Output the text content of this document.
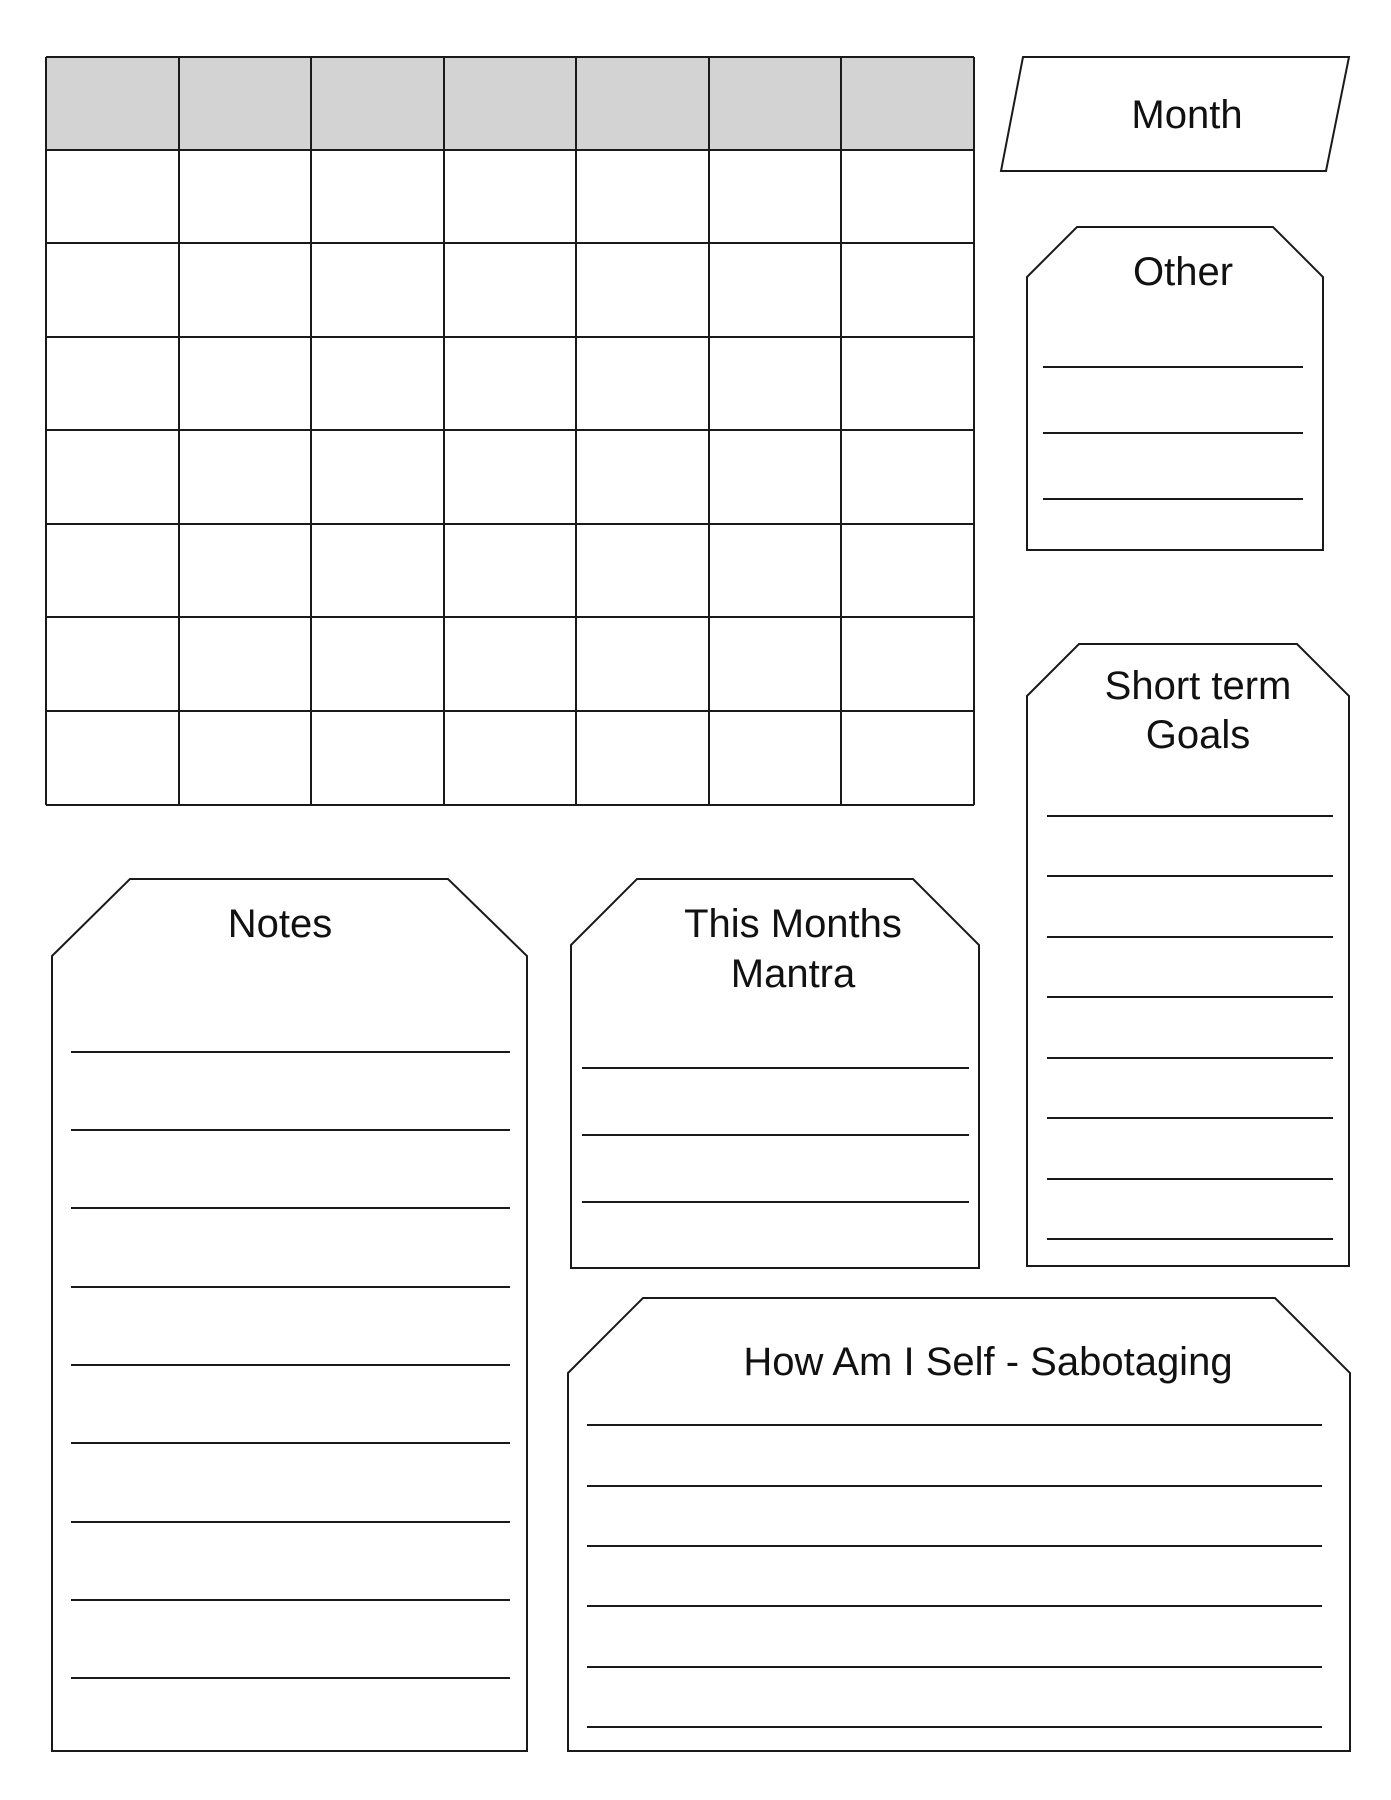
Month
Other
Short term
Goals
Notes	This Months
Mantra
How Am I Self - Sabotaging
